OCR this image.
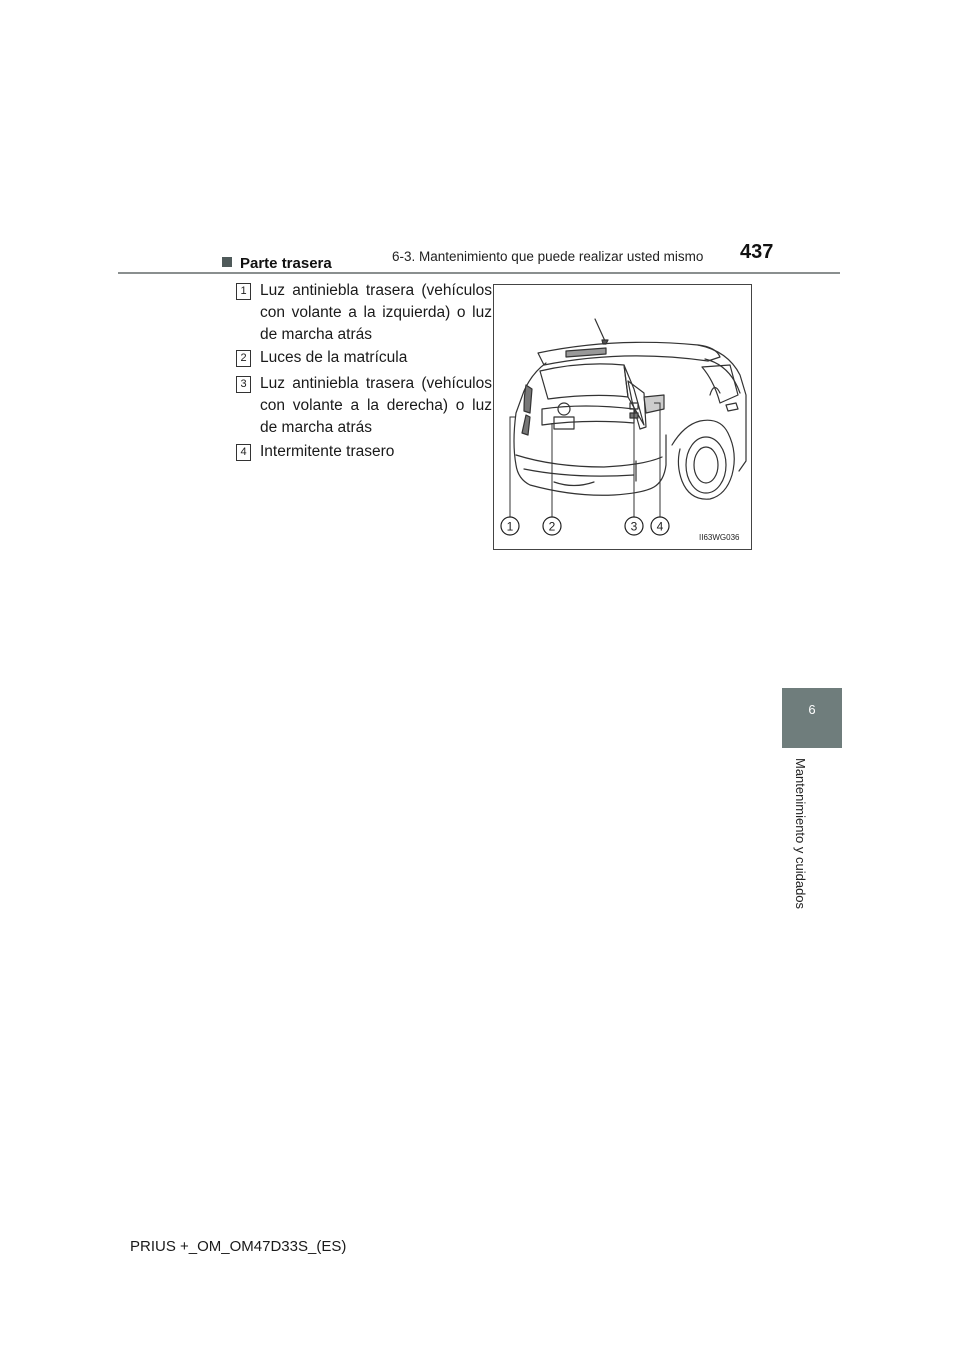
6-3. Mantenimiento que puede realizar usted mismo 437
6
Mantenimiento y cuidados
Parte trasera
1 Luz antiniebla trasera (vehículos con volante a la izquierda) o luz de marcha atrás
2 Luces de la matrícula
3 Luz antiniebla trasera (vehículos con volante a la derecha) o luz de marcha atrás
4 Intermitente trasero
1	2	3 4
II63WG036
PRIUS +_OM_OM47D33S_(ES)
